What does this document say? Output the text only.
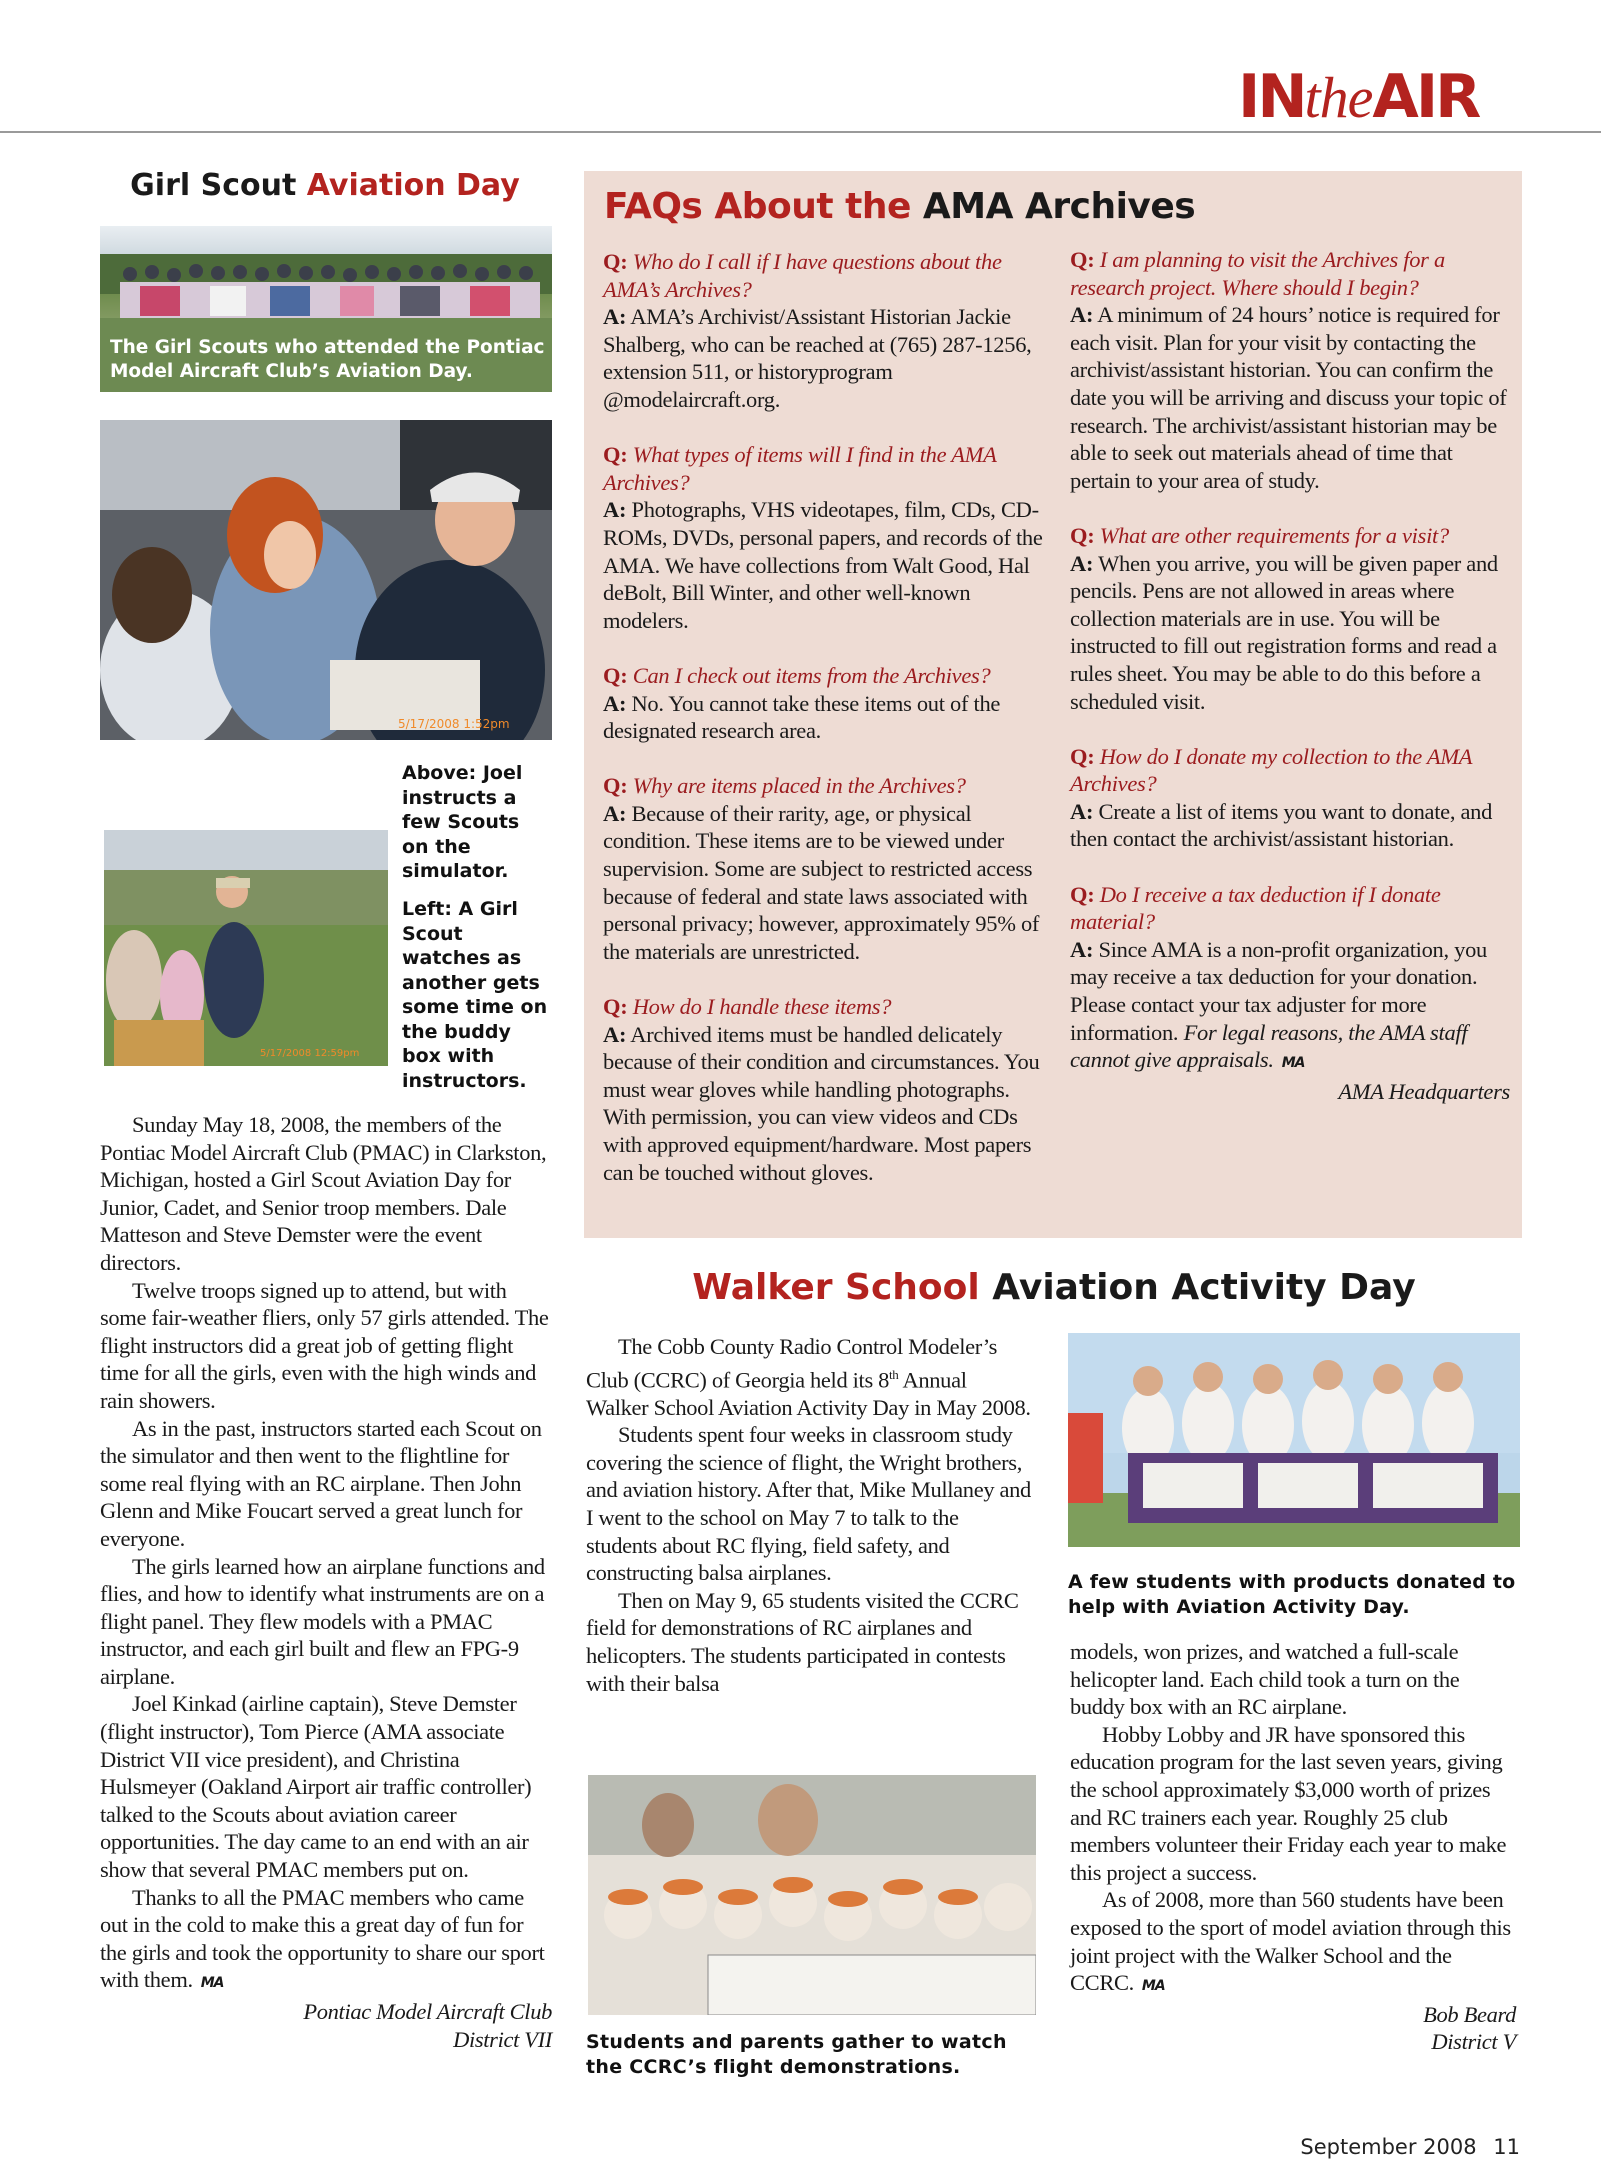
INtheAIR
Girl Scout Aviation Day
The Girl Scouts who attended the Pontiac Model Aircraft Club’s Aviation Day.
5/17/2008 1:52pm
5/17/2008 12:59pm
Above: Joel instructs a few Scouts on the simulator.
Left: A Girl Scout watches as another gets some time on the buddy box with instructors.

Sunday May 18, 2008, the members of the Pontiac Model Aircraft Club (PMAC) in Clarkston, Michigan, hosted a Girl Scout Aviation Day for Junior, Cadet, and Senior troop members. Dale Matteson and Steve Demster were the event directors.

Twelve troops signed up to attend, but with some fair-weather fliers, only 57 girls attended. The flight instructors did a great job of getting flight time for all the girls, even with the high winds and rain showers.

As in the past, instructors started each Scout on the simulator and then went to the flightline for some real flying with an RC airplane. Then John Glenn and Mike Foucart served a great lunch for everyone.

The girls learned how an airplane functions and flies, and how to identify what instruments are on a flight panel. They flew models with a PMAC instructor, and each girl built and flew an FPG-9 airplane.

Joel Kinkad (airline captain), Steve Demster (flight instructor), Tom Pierce (AMA associate District VII vice president), and Christina Hulsmeyer (Oakland Airport air traffic controller) talked to the Scouts about aviation career opportunities. The day came to an end with an air show that several PMAC members put on.

Thanks to all the PMAC members who came out in the cold to make this a great day of fun for the girls and took the opportunity to share our sport with them. MA

Pontiac Model Aircraft Club

District VII

FAQs About the AMA Archives

Q: Who do I call if I have questions about the AMA’s Archives?
A: AMA’s Archivist/Assistant Historian Jackie Shalberg, who can be reached at (765) 287-1256, extension 511, or historyprogram @modelaircraft.org.

Q: What types of items will I find in the AMA Archives?
A: Photographs, VHS videotapes, film, CDs, CD-ROMs, DVDs, personal papers, and records of the AMA. We have collections from Walt Good, Hal deBolt, Bill Winter, and other well-known modelers.

Q: Can I check out items from the Archives?
A: No. You cannot take these items out of the designated research area.

Q: Why are items placed in the Archives?
A: Because of their rarity, age, or physical condition. These items are to be viewed under supervision. Some are subject to restricted access because of federal and state laws associated with personal privacy; however, approximately 95% of the materials are unrestricted.

Q: How do I handle these items?
A: Archived items must be handled delicately because of their condition and circumstances. You must wear gloves while handling photographs. With permission, you can view videos and CDs with approved equipment/hardware. Most papers can be touched without gloves.

Q: I am planning to visit the Archives for a research project. Where should I begin?
A: A minimum of 24 hours’ notice is required for each visit. Plan for your visit by contacting the archivist/assistant historian. You can confirm the date you will be arriving and discuss your topic of research. The archivist/assistant historian may be able to seek out materials ahead of time that pertain to your area of study.

Q: What are other requirements for a visit?
A: When you arrive, you will be given paper and pencils. Pens are not allowed in areas where collection materials are in use. You will be instructed to fill out registration forms and read a rules sheet. You may be able to do this before a scheduled visit.

Q: How do I donate my collection to the AMA Archives?
A: Create a list of items you want to donate, and then contact the archivist/assistant historian.

Q: Do I receive a tax deduction if I donate material?
A: Since AMA is a non-profit organization, you may receive a tax deduction for your donation. Please contact your tax adjuster for more information. For legal reasons, the AMA staff cannot give appraisals. MA

AMA Headquarters

Walker School Aviation Activity Day

The Cobb County Radio Control Modeler’s Club (CCRC) of Georgia held its 8th Annual Walker School Aviation Activity Day in May 2008.

Students spent four weeks in classroom study covering the science of flight, the Wright brothers, and aviation history. After that, Mike Mullaney and I went to the school on May 7 to talk to the students about RC flying, field safety, and constructing balsa airplanes.

Then on May 9, 65 students visited the CCRC field for demonstrations of RC airplanes and helicopters. The students participated in contests with their balsa

Students and parents gather to watch the CCRC’s flight demonstrations.
A few students with products donated to help with Aviation Activity Day.

models, won prizes, and watched a full-scale helicopter land. Each child took a turn on the buddy box with an RC airplane.

Hobby Lobby and JR have sponsored this education program for the last seven years, giving the school approximately $3,000 worth of prizes and RC trainers each year. Roughly 25 club members volunteer their Friday each year to make this project a success.

As of 2008, more than 560 students have been exposed to the sport of model aviation through this joint project with the Walker School and the CCRC. MA

Bob Beard

District V

September 2008 11
